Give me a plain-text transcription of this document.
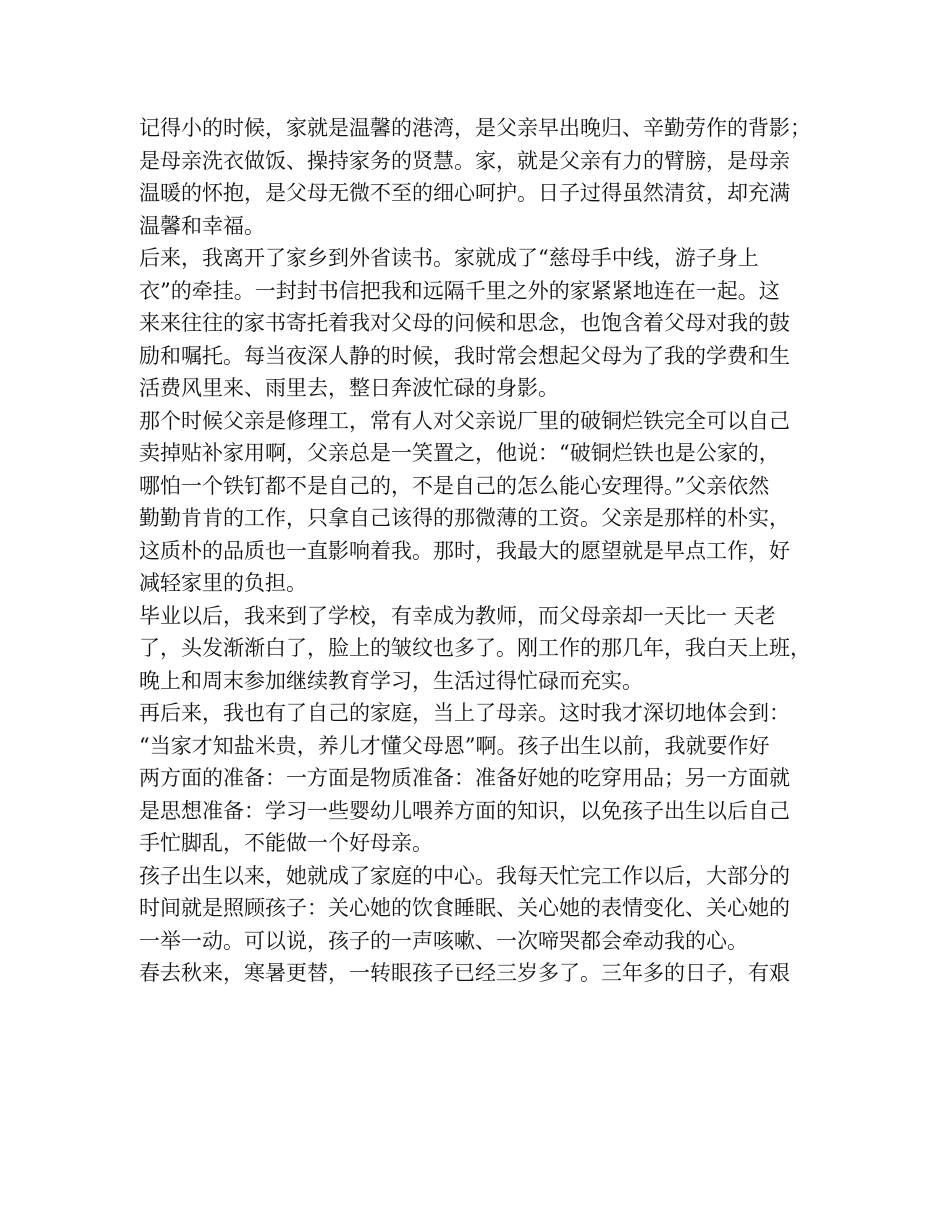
记得小的时候，家就是温馨的港湾，是父亲早出晚归、辛勤劳作的背影；
是母亲洗衣做饭、操持家务的贤慧。家，就是父亲有力的臂膀，是母亲
温暖的怀抱，是父母无微不至的细心呵护。日子过得虽然清贫，却充满
温馨和幸福。

后来，我离开了家乡到外省读书。家就成了“慈母手中线，游子身上
衣”的牵挂。一封封书信把我和远隔千里之外的家紧紧地连在一起。这
来来往往的家书寄托着我对父母的问候和思念，也饱含着父母对我的鼓
励和嘱托。每当夜深人静的时候，我时常会想起父母为了我的学费和生
活费风里来、雨里去，整日奔波忙碌的身影。

那个时候父亲是修理工，常有人对父亲说厂里的破铜烂铁完全可以自己
卖掉贴补家用啊，父亲总是一笑置之，他说：“破铜烂铁也是公家的，
哪怕一个铁钉都不是自己的，不是自己的怎么能心安理得。”父亲依然
勤勤肯肯的工作，只拿自己该得的那微薄的工资。父亲是那样的朴实，
这质朴的品质也一直影响着我。那时，我最大的愿望就是早点工作，好
减轻家里的负担。

毕业以后，我来到了学校，有幸成为教师，而父母亲却一天比一 天老
了，头发渐渐白了，脸上的皱纹也多了。刚工作的那几年，我白天上班，
晚上和周末参加继续教育学习，生活过得忙碌而充实。

再后来，我也有了自己的家庭，当上了母亲。这时我才深切地体会到：
“当家才知盐米贵，养儿才懂父母恩”啊。孩子出生以前，我就要作好
两方面的准备：一方面是物质准备：准备好她的吃穿用品；另一方面就
是思想准备：学习一些婴幼儿喂养方面的知识，以免孩子出生以后自己
手忙脚乱，不能做一个好母亲。

孩子出生以来，她就成了家庭的中心。我每天忙完工作以后，大部分的
时间就是照顾孩子：关心她的饮食睡眠、关心她的表情变化、关心她的
一举一动。可以说，孩子的一声咳嗽、一次啼哭都会牵动我的心。

春去秋来，寒暑更替，一转眼孩子已经三岁多了。三年多的日子，有艰
